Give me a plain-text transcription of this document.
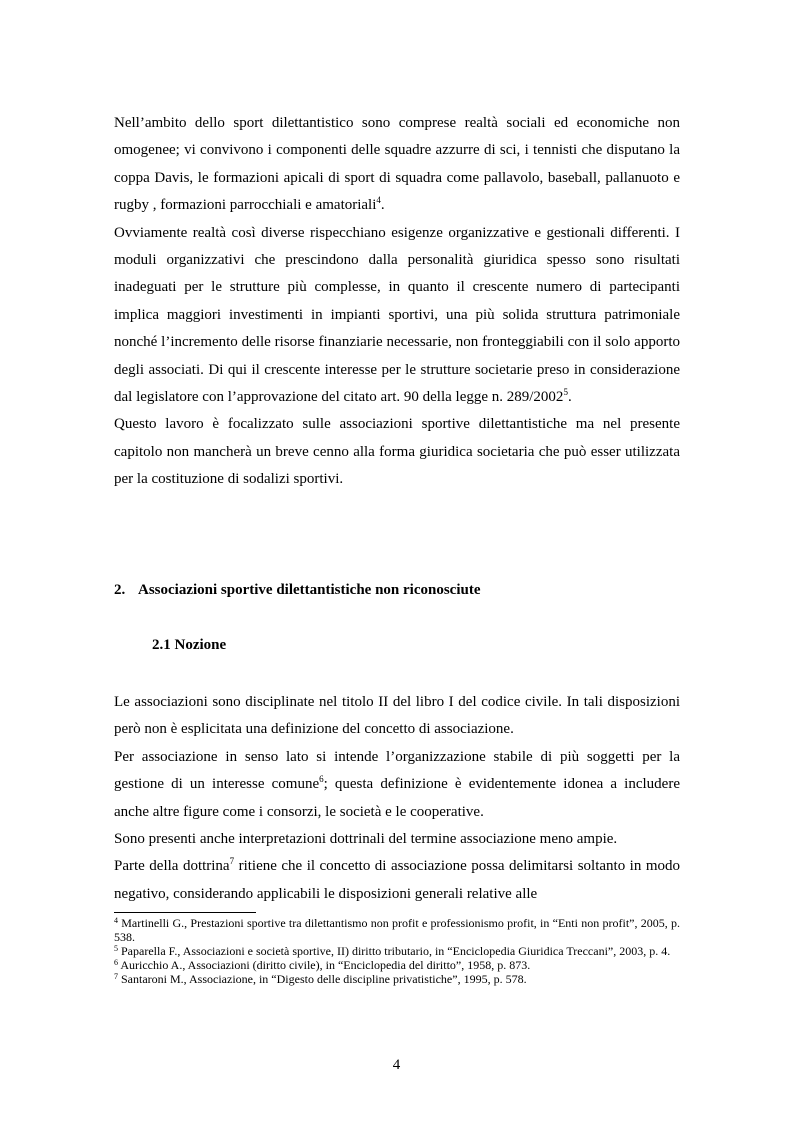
Nell’ambito dello sport dilettantistico sono comprese realtà sociali ed economiche non omogenee; vi convivono i componenti delle squadre azzurre di sci, i tennisti che disputano la coppa Davis, le formazioni apicali di sport di squadra come pallavolo, baseball, pallanuoto e rugby , formazioni parrocchiali e amatoriali$^4$.

Ovviamente realtà così diverse rispecchiano esigenze organizzative e gestionali differenti. I moduli organizzativi che prescindono dalla personalità giuridica spesso sono risultati inadeguati per le strutture più complesse, in quanto il crescente numero di partecipanti implica maggiori investimenti in impianti sportivi, una più solida struttura patrimoniale nonché l’incremento delle risorse finanziarie necessarie, non fronteggiabili con il solo apporto degli associati. Di qui il crescente interesse per le strutture societarie preso in considerazione dal legislatore con l’approvazione del citato art. 90 della legge n. 289/2002$^5$.

Questo lavoro è focalizzato sulle associazioni sportive dilettantistiche ma nel presente capitolo non mancherà un breve cenno alla forma giuridica societaria che può esser utilizzata per la costituzione di sodalizi sportivi.

2. Associazioni sportive dilettantistiche non riconosciute
2.1 Nozione

Le associazioni sono disciplinate nel titolo II del libro I del codice civile. In tali disposizioni però non è esplicitata una definizione del concetto di associazione.

Per associazione in senso lato si intende l’organizzazione stabile di più soggetti per la gestione di un interesse comune$^6$; questa definizione è evidentemente idonea a includere anche altre figure come i consorzi, le società e le cooperative.

Sono presenti anche interpretazioni dottrinali del termine associazione meno ampie.

Parte della dottrina$^7$ ritiene che il concetto di associazione possa delimitarsi soltanto in modo negativo, considerando applicabili le disposizioni generali relative alle

$^4$ Martinelli G., Prestazioni sportive tra dilettantismo non profit e professionismo profit, in “Enti non profit”, 2005, p. 538.

$^5$ Paparella F., Associazioni e società sportive, II) diritto tributario, in “Enciclopedia Giuridica Treccani”, 2003, p. 4.

$^6$ Auricchio A., Associazioni (diritto civile), in “Enciclopedia del diritto”, 1958, p. 873.

$^7$ Santaroni M., Associazione, in “Digesto delle discipline privatistiche”, 1995, p. 578.

4
